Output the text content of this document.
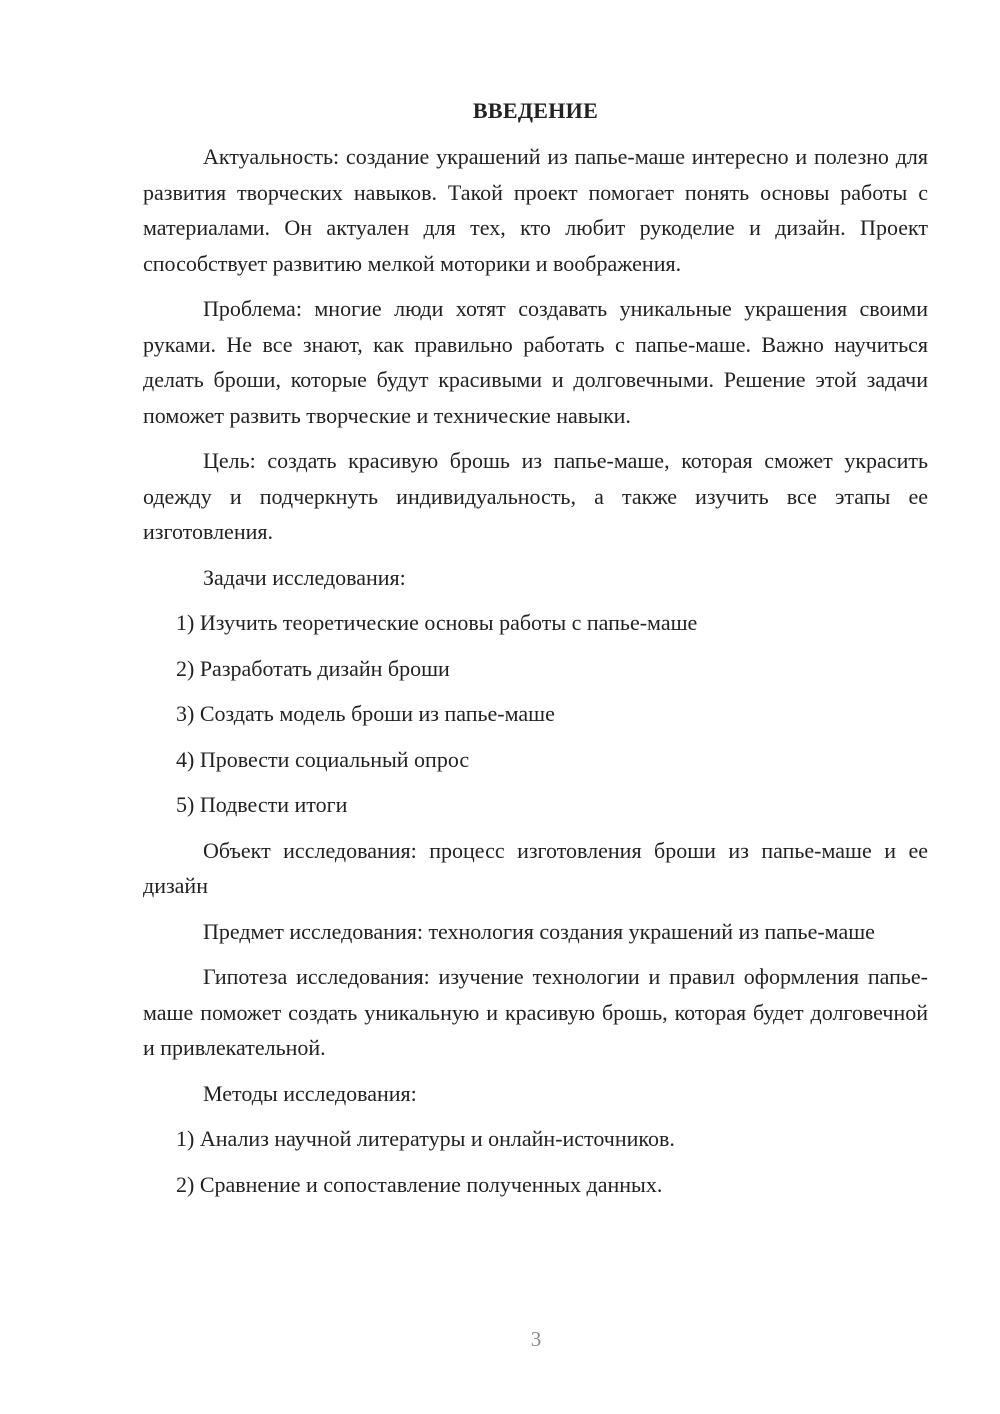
ВВЕДЕНИЕ

Актуальность: создание украшений из папье-маше интересно и полезно для развития творческих навыков. Такой проект помогает понять основы работы с материалами. Он актуален для тех, кто любит рукоделие и дизайн. Проект способствует развитию мелкой моторики и воображения.

Проблема: многие люди хотят создавать уникальные украшения своими руками. Не все знают, как правильно работать с папье-маше. Важно научиться делать броши, которые будут красивыми и долговечными. Решение этой задачи поможет развить творческие и технические навыки.

Цель: создать красивую брошь из папье-маше, которая сможет украсить одежду и подчеркнуть индивидуальность, а также изучить все этапы ее изготовления.

Задачи исследования:
1) Изучить теоретические основы работы с папье-маше
2) Разработать дизайн броши
3) Создать модель броши из папье-маше
4) Провести социальный опрос
5) Подвести итоги

Объект исследования: процесс изготовления броши из папье-маше и ее дизайн

Предмет исследования: технология создания украшений из папье-маше

Гипотеза исследования: изучение технологии и правил оформления папье-маше поможет создать уникальную и красивую брошь, которая будет долговечной и привлекательной.

Методы исследования:
1) Анализ научной литературы и онлайн-источников.
2) Сравнение и сопоставление полученных данных.
3
